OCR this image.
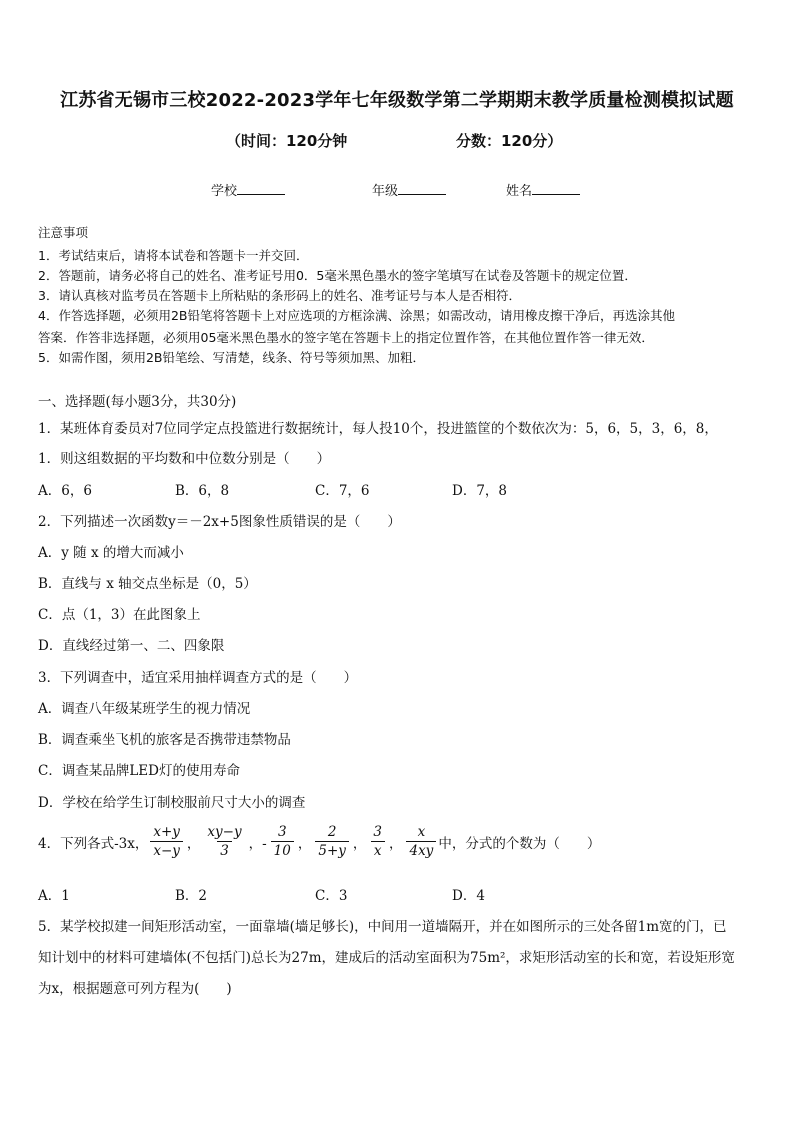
江苏省无锡市三校2022-2023学年七年级数学第二学期期末教学质量检测模拟试题
（时间：120分钟	分数：120分）
学校	年级	姓名
注意事项
1．考试结束后，请将本试卷和答题卡一并交回．
2．答题前，请务必将自己的姓名、准考证号用0．5毫米黑色墨水的签字笔填写在试卷及答题卡的规定位置．
3．请认真核对监考员在答题卡上所粘贴的条形码上的姓名、准考证号与本人是否相符．
4．作答选择题，必须用2B铅笔将答题卡上对应选项的方框涂满、涂黑；如需改动，请用橡皮擦干净后，再选涂其他
答案．作答非选择题，必须用05毫米黑色墨水的签字笔在答题卡上的指定位置作答，在其他位置作答一律无效．
5．如需作图，须用2B铅笔绘、写清楚，线条、符号等须加黑、加粗．
一、选择题(每小题3分，共30分)
1．某班体育委员对7位同学定点投篮进行数据统计，每人投10个，投进篮筐的个数依次为：5，6，5，3，6，8，
1．则这组数据的平均数和中位数分别是（　　）
A．6，6	B．6，8	C．7，6	D．7，8
2．下列描述一次函数y＝－2x+5图象性质错误的是（　　）
A．y 随 x 的增大而减小
B．直线与 x 轴交点坐标是（0，5）
C．点（1，3）在此图象上
D．直线经过第一、二、四象限
3．下列调查中，适宜采用抽样调查方式的是（　　）
A．调查八年级某班学生的视力情况
B．调查乘坐飞机的旅客是否携带违禁物品
C．调查某品牌LED灯的使用寿命
D．学校在给学生订制校服前尺寸大小的调查
4．下列各式-3x， $\frac{x+y}{x-y}$ ， $\frac{xy-y}{3}$ ，- $\frac{3}{10}$ ， $\frac{2}{5+y}$ ， $\frac{3}{x}$ ， $\frac{x}{4xy}$ 中，分式的个数为（　　）
A．1	B．2	C．3	D．4
5．某学校拟建一间矩形活动室，一面靠墙(墙足够长)，中间用一道墙隔开，并在如图所示的三处各留1m宽的门，已
知计划中的材料可建墙体(不包括门)总长为27m，建成后的活动室面积为75m²，求矩形活动室的长和宽，若设矩形宽
为x，根据题意可列方程为(　　)
